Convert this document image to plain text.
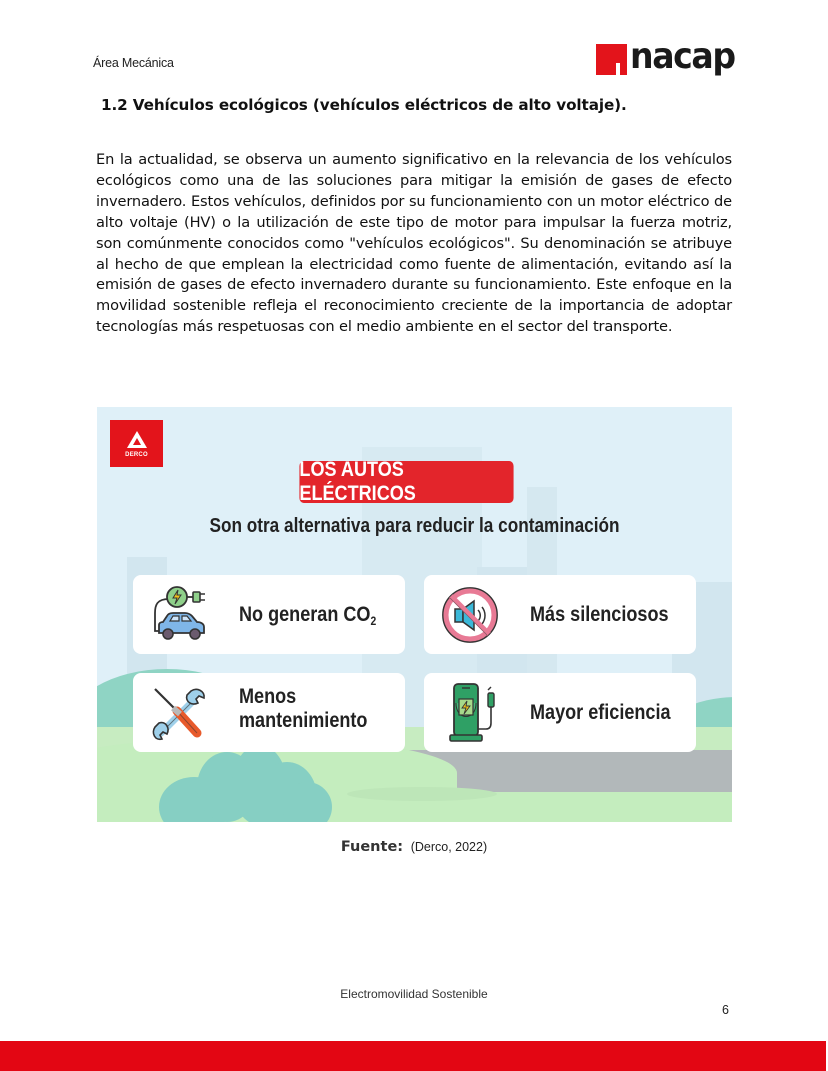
Área Mecánica	nacap
1.2 Vehículos ecológicos (vehículos eléctricos de alto voltaje).
En la actualidad, se observa un aumento significativo en la relevancia de los vehículos ecológicos como una de las soluciones para mitigar la emisión de gases de efecto invernadero. Estos vehículos, definidos por su funcionamiento con un motor eléctrico de alto voltaje (HV) o la utilización de este tipo de motor para impulsar la fuerza motriz, son comúnmente conocidos como "vehículos ecológicos". Su denominación se atribuye al hecho de que emplean la electricidad como fuente de alimentación, evitando así la emisión de gases de efecto invernadero durante su funcionamiento. Este enfoque en la movilidad sostenible refleja el reconocimiento creciente de la importancia de adoptar tecnologías más respetuosas con el medio ambiente en el sector del transporte.
DERCO
LOS AUTOS ELÉCTRICOS
Son otra alternativa para reducir la contaminación
No generan $CO_2$	Más silenciosos
Menos
mantenimiento	Mayor eficiencia
Fuente: (Derco, 2022)
Electromovilidad Sostenible
6
